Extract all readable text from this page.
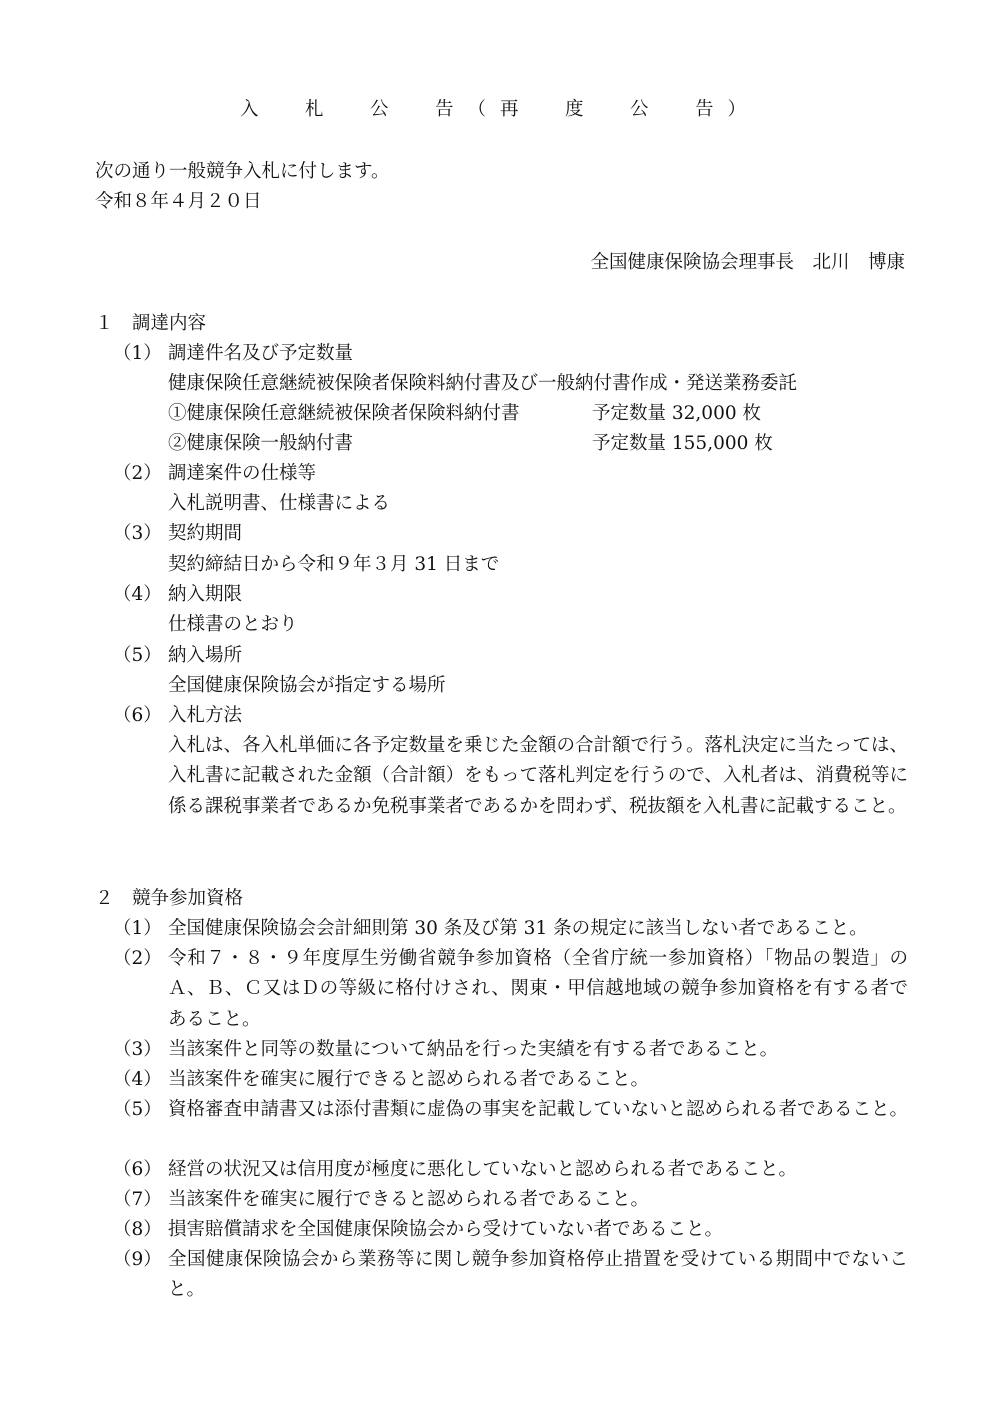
入　札　公　告（再　度　公　告）
次の通り一般競争入札に付します。
令和８年４月２０日
全国健康保険協会理事長　北川　博康
１　調達内容
（1） 調達件名及び予定数量
健康保険任意継続被保険者保険料納付書及び一般納付書作成・発送業務委託
①健康保険任意継続被保険者保険料納付書	予定数量 32,000 枚
②健康保険一般納付書	予定数量 155,000 枚
（2） 調達案件の仕様等
入札説明書、仕様書による
（3） 契約期間
契約締結日から令和９年３月 31 日まで
（4） 納入期限
仕様書のとおり
（5） 納入場所
全国健康保険協会が指定する場所
（6） 入札方法
入札は、各入札単価に各予定数量を乗じた金額の合計額で行う。落札決定に当たっては、入札書に記載された金額（合計額）をもって落札判定を行うので、入札者は、消費税等に係る課税事業者であるか免税事業者であるかを問わず、税抜額を入札書に記載すること。
２　競争参加資格
（1） 全国健康保険協会会計細則第 30 条及び第 31 条の規定に該当しない者であること。
（2） 令和７・８・９年度厚生労働省競争参加資格（全省庁統一参加資格）「物品の製造」のＡ、Ｂ、Ｃ又はＤの等級に格付けされ、関東・甲信越地域の競争参加資格を有する者であること。
（3） 当該案件と同等の数量について納品を行った実績を有する者であること。
（4） 当該案件を確実に履行できると認められる者であること。
（5） 資格審査申請書又は添付書類に虚偽の事実を記載していないと認められる者であること。
（6） 経営の状況又は信用度が極度に悪化していないと認められる者であること。
（7） 当該案件を確実に履行できると認められる者であること。
（8） 損害賠償請求を全国健康保険協会から受けていない者であること。
（9） 全国健康保険協会から業務等に関し競争参加資格停止措置を受けている期間中でないこと。
